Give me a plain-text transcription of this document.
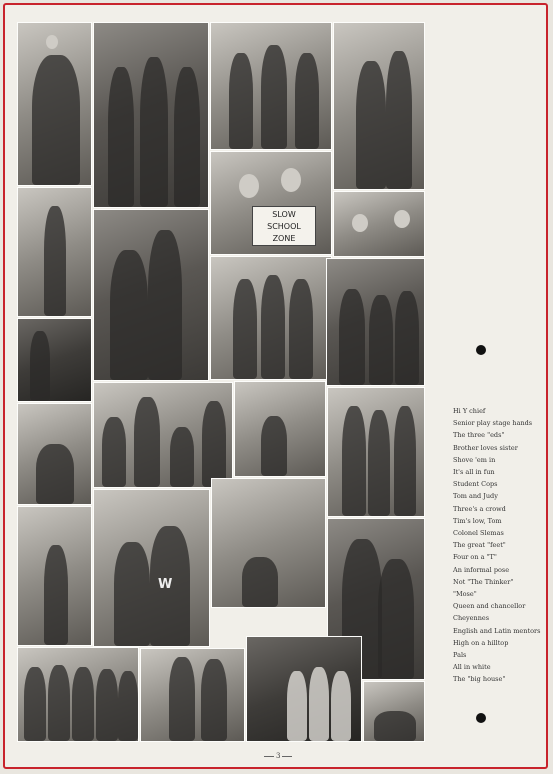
SLOW
SCHOOL
ZONE
W
Hi Y chief
Senior play stage hands
The three "eds"
Brother loves sister
Shove 'em in
It's all in fun
Student Cops
Tom and Judy
Three's a crowd
Tim's low, Tom
Colonel Slemas
The great "feet"
Four on a "T"
An informal pose
Not "The Thinker"
"Mose"
Queen and chancellor
Cheyennes
English and Latin mentors
High on a hilltop
Pals
All in white
The "big house"
3
